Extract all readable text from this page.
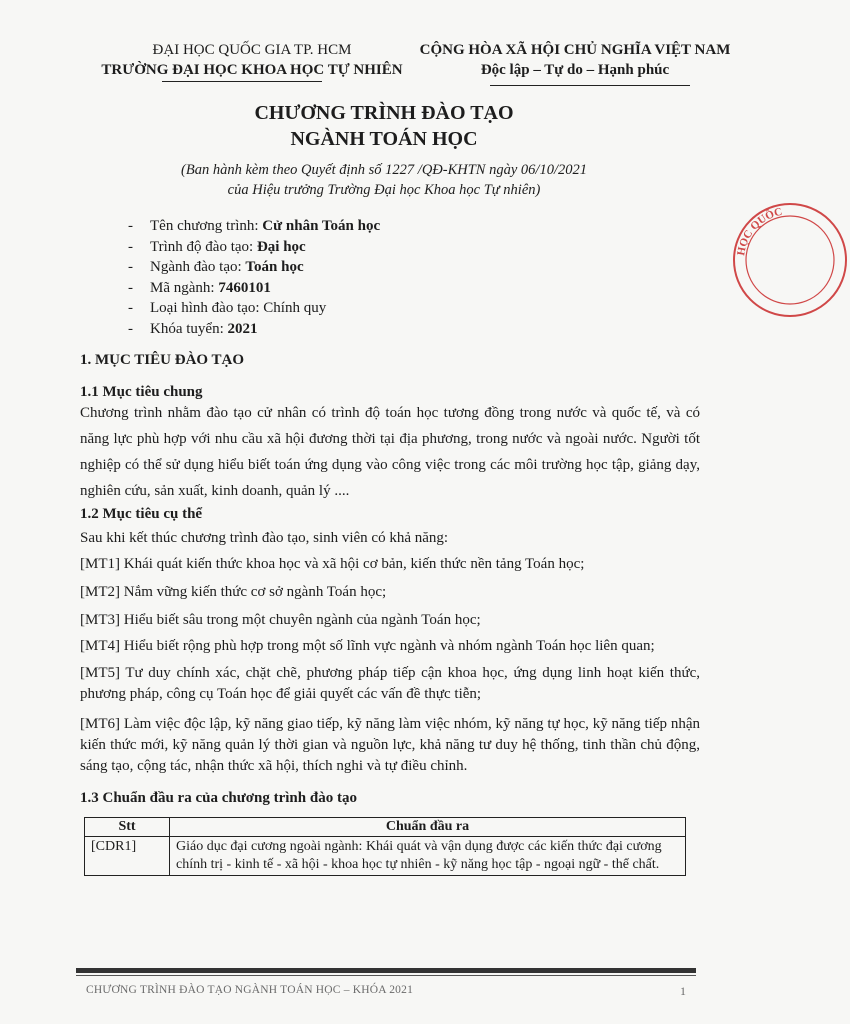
ĐẠI HỌC QUỐC GIA TP. HCM
TRƯỜNG ĐẠI HỌC KHOA HỌC TỰ NHIÊN
CỘNG HÒA XÃ HỘI CHỦ NGHĨA VIỆT NAM
Độc lập – Tự do – Hạnh phúc
HỌC QUỐC
CHƯƠNG TRÌNH ĐÀO TẠO
NGÀNH TOÁN HỌC
(Ban hành kèm theo Quyết định số 1227 /QĐ-KHTN ngày 06/10/2021
của Hiệu trưởng Trường Đại học Khoa học Tự nhiên)
- Tên chương trình: Cử nhân Toán học
- Trình độ đào tạo: Đại học
- Ngành đào tạo: Toán học
- Mã ngành: 7460101
- Loại hình đào tạo: Chính quy
- Khóa tuyển: 2021
1. MỤC TIÊU ĐÀO TẠO
1.1 Mục tiêu chung
Chương trình nhằm đào tạo cử nhân có trình độ toán học tương đồng trong nước và quốc tế, và có năng lực phù hợp với nhu cầu xã hội đương thời tại địa phương, trong nước và ngoài nước. Người tốt nghiệp có thể sử dụng hiểu biết toán ứng dụng vào công việc trong các môi trường học tập, giảng dạy, nghiên cứu, sản xuất, kinh doanh, quản lý ....
1.2 Mục tiêu cụ thể
Sau khi kết thúc chương trình đào tạo, sinh viên có khả năng:
[MT1] Khái quát kiến thức khoa học và xã hội cơ bản, kiến thức nền tảng Toán học;
[MT2] Nắm vững kiến thức cơ sở ngành Toán học;
[MT3] Hiểu biết sâu trong một chuyên ngành của ngành Toán học;
[MT4] Hiểu biết rộng phù hợp trong một số lĩnh vực ngành và nhóm ngành Toán học liên quan;
[MT5] Tư duy chính xác, chặt chẽ, phương pháp tiếp cận khoa học, ứng dụng linh hoạt kiến thức, phương pháp, công cụ Toán học để giải quyết các vấn đề thực tiễn;
[MT6] Làm việc độc lập, kỹ năng giao tiếp, kỹ năng làm việc nhóm, kỹ năng tự học, kỹ năng tiếp nhận kiến thức mới, kỹ năng quản lý thời gian và nguồn lực, khả năng tư duy hệ thống, tinh thần chủ động, sáng tạo, cộng tác, nhận thức xã hội, thích nghi và tự điều chỉnh.
1.3 Chuẩn đầu ra của chương trình đào tạo
Stt	Chuẩn đầu ra
[CDR1]	Giáo dục đại cương ngoài ngành: Khái quát và vận dụng được các kiến thức đại cương chính trị - kinh tế - xã hội - khoa học tự nhiên - kỹ năng học tập - ngoại ngữ - thể chất.
CHƯƠNG TRÌNH ĐÀO TẠO NGÀNH TOÁN HỌC – KHÓA 2021	1
